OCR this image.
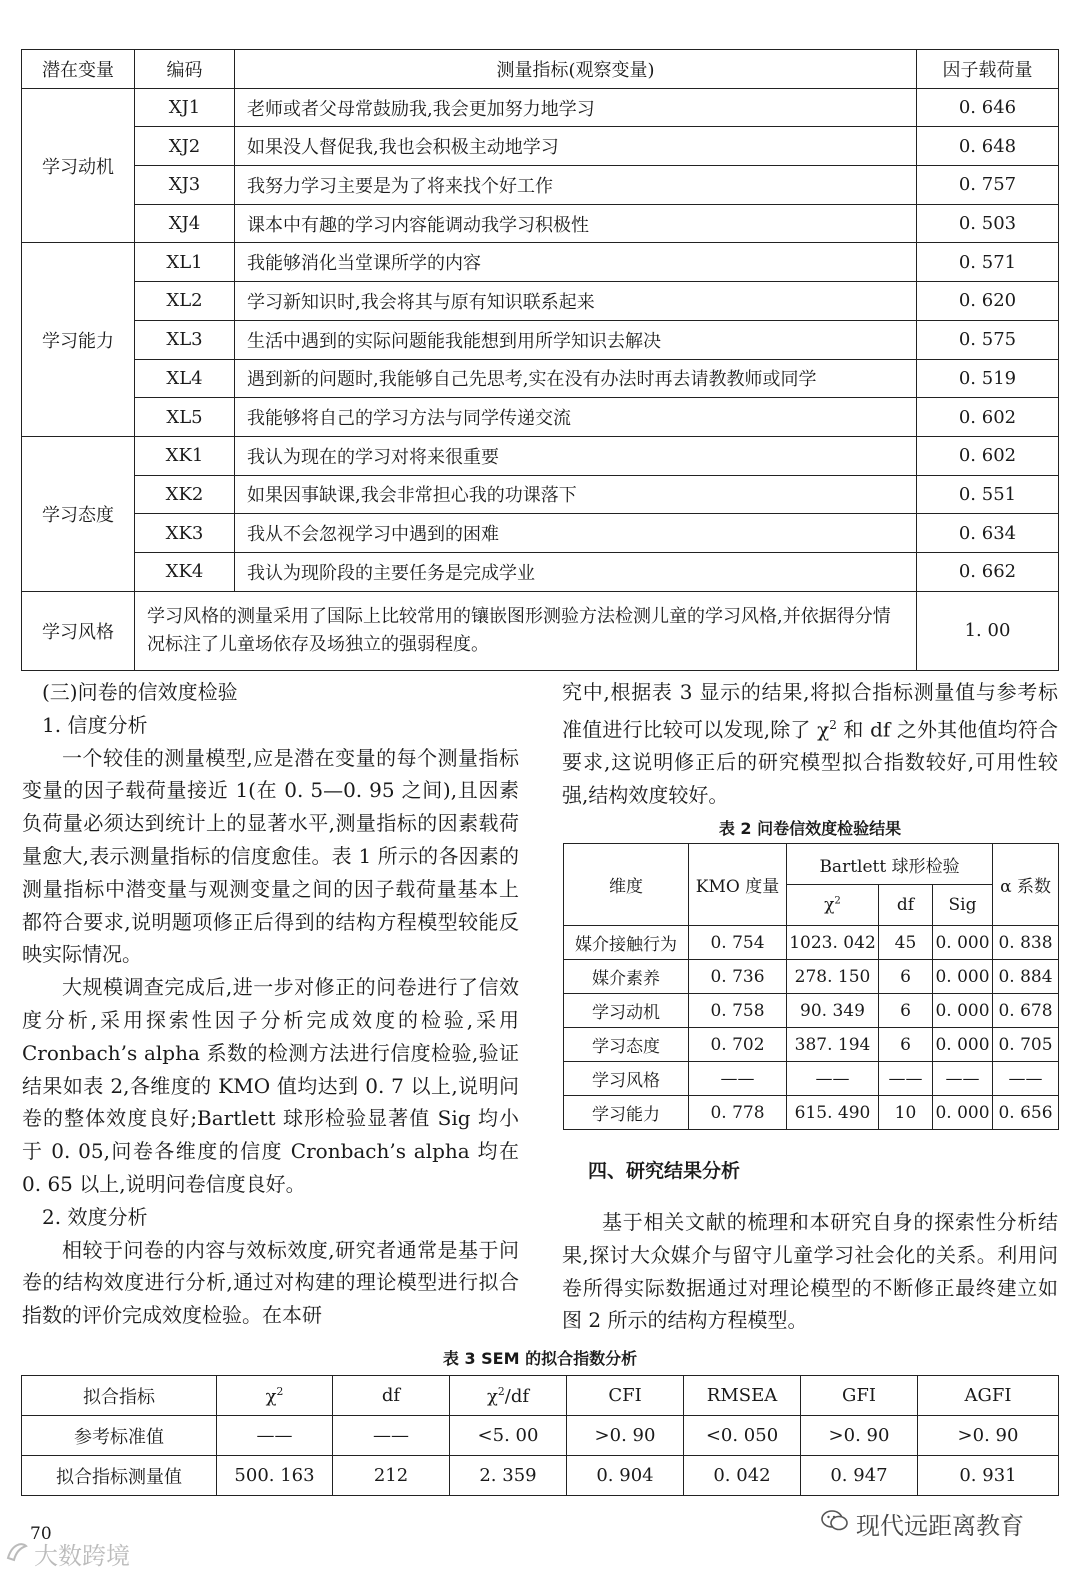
潜在变量	编码	测量指标(观察变量)	因子载荷量
学习动机	XJ1	老师或者父母常鼓励我,我会更加努力地学习	0. 646
	XJ2	如果没人督促我,我也会积极主动地学习	0. 648
	XJ3	我努力学习主要是为了将来找个好工作	0. 757
	XJ4	课本中有趣的学习内容能调动我学习积极性	0. 503
学习能力	XL1	我能够消化当堂课所学的内容	0. 571
	XL2	学习新知识时,我会将其与原有知识联系起来	0. 620
	XL3	生活中遇到的实际问题能我能想到用所学知识去解决	0. 575
	XL4	遇到新的问题时,我能够自己先思考,实在没有办法时再去请教教师或同学	0. 519
	XL5	我能够将自己的学习方法与同学传递交流	0. 602
学习态度	XK1	我认为现在的学习对将来很重要	0. 602
	XK2	如果因事缺课,我会非常担心我的功课落下	0. 551
	XK3	我从不会忽视学习中遇到的困难	0. 634
	XK4	我认为现阶段的主要任务是完成学业	0. 662
学习风格	学习风格的测量采用了国际上比较常用的镶嵌图形测验方法检测儿童的学习风格,并依据得分情况标注了儿童场依存及场独立的强弱程度。		1. 00

(三)问卷的信效度检验

1. 信度分析

一个较佳的测量模型,应是潜在变量的每个测量指标变量的因子载荷量接近 1(在 0. 5—0. 95 之间),且因素负荷量必须达到统计上的显著水平,测量指标的因素载荷量愈大,表示测量指标的信度愈佳。表 1 所示的各因素的测量指标中潜变量与观测变量之间的因子载荷量基本上都符合要求,说明题项修正后得到的结构方程模型较能反映实际情况。

大规模调查完成后,进一步对修正的问卷进行了信效度分析,采用探索性因子分析完成效度的检验,采用 Cronbach’s alpha 系数的检测方法进行信度检验,验证结果如表 2,各维度的 KMO 值均达到 0. 7 以上,说明问卷的整体效度良好;Bartlett 球形检验显著值 Sig 均小于 0. 05,问卷各维度的信度 Cronbach’s alpha 均在 0. 65 以上,说明问卷信度良好。

2. 效度分析

相较于问卷的内容与效标效度,研究者通常是基于问卷的结构效度进行分析,通过对构建的理论模型进行拟合指数的评价完成效度检验。在本研

究中,根据表 3 显示的结果,将拟合指标测量值与参考标准值进行比较可以发现,除了 $\chi^2$ 和 df 之外其他值均符合要求,这说明修正后的研究模型拟合指数较好,可用性较强,结构效度较好。

表 2 问卷信效度检验结果
维度	KMO 度量	Bartlett 球形检验			α 系数
		$\chi^2$	df	Sig	
媒介接触行为	0. 754	1023. 042	45	0. 000	0. 838
媒介素养	0. 736	278. 150	6	0. 000	0. 884
学习动机	0. 758	90. 349	6	0. 000	0. 678
学习态度	0. 702	387. 194	6	0. 000	0. 705
学习风格	——	——	——	——	——
学习能力	0. 778	615. 490	10	0. 000	0. 656
四、研究结果分析

基于相关文献的梳理和本研究自身的探索性分析结果,探讨大众媒介与留守儿童学习社会化的关系。利用问卷所得实际数据通过对理论模型的不断修正最终建立如图 2 所示的结构方程模型。

表 3 SEM 的拟合指数分析
拟合指标	$\chi^2$	df	$\chi^2/df$	CFI	RMSEA	GFI	AGFI
参考标准值	——	——	<5. 00	>0. 90	<0. 050	>0. 90	>0. 90
拟合指标测量值	500. 163	212	2. 359	0. 904	0. 042	0. 947	0. 931
70	现代远距离教育
大数跨境
